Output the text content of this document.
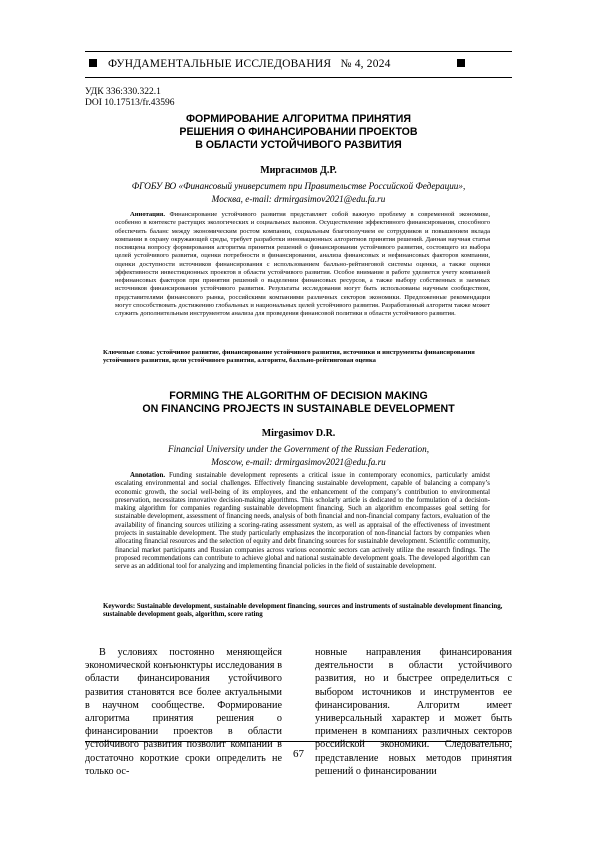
ФУНДАМЕНТАЛЬНЫЕ ИССЛЕДОВАНИЯ № 4, 2024
УДК 336:330.322.1
DOI 10.17513/fr.43596
ФОРМИРОВАНИЕ АЛГОРИТМА ПРИНЯТИЯ
РЕШЕНИЯ О ФИНАНСИРОВАНИИ ПРОЕКТОВ
В ОБЛАСТИ УСТОЙЧИВОГО РАЗВИТИЯ
Миргасимов Д.Р.
ФГОБУ ВО «Финансовый университет при Правительстве Российской Федерации»,
Москва, e-mail: drmirgasimov2021@edu.fa.ru
Аннотация. Финансирование устойчивого развития представляет собой важную проблему в современной экономике, особенно в контексте растущих экологических и социальных вызовов. Осуществление эффективного финансирования, способного обеспечить баланс между экономическим ростом компании, социальным благополучием ее сотрудников и повышением вклада компании в охрану окружающей среды, требует разработки инновационных алгоритмов принятия решений. Данная научная статья посвящена вопросу формирования алгоритма принятия решений о финансировании устойчивого развития, состоящего из выбора целей устойчивого развития, оценки потребности в финансировании, анализа финансовых и нефинансовых факторов компании, оценки доступности источников финансирования с использованием балльно-рейтинговой системы оценки, а также оценки эффективности инвестиционных проектов в области устойчивого развития. Особое внимание в работе уделяется учету компанией нефинансовых факторов при принятии решений о выделении финансовых ресурсов, а также выбору собственных и заемных источников финансирования устойчивого развития. Результаты исследования могут быть использованы научным сообществом, представителями финансового рынка, российскими компаниями различных секторов экономики. Предложенные рекомендации могут способствовать достижению глобальных и национальных целей устойчивого развития. Разработанный алгоритм также может служить дополнительным инструментом анализа для проведения финансовой политики в области устойчивого развития.
Ключевые слова: устойчивое развитие, финансирование устойчивого развития, источники и инструменты финансирования устойчивого развития, цели устойчивого развития, алгоритм, балльно-рейтинговая оценка
FORMING THE ALGORITHM OF DECISION MAKING
ON FINANCING PROJECTS IN SUSTAINABLE DEVELOPMENT
Mirgasimov D.R.
Financial University under the Government of the Russian Federation,
Moscow, e-mail: drmirgasimov2021@edu.fa.ru
Annotation. Funding sustainable development represents a critical issue in contemporary economics, particularly amidst escalating environmental and social challenges. Effectively financing sustainable development, capable of balancing a company’s economic growth, the social well-being of its employees, and the enhancement of the company’s contribution to environmental preservation, necessitates innovative decision-making algorithms. This scholarly article is dedicated to the formulation of a decision-making algorithm for companies regarding sustainable development financing. Such an algorithm encompasses goal setting for sustainable development, assessment of financing needs, analysis of both financial and non-financial company factors, evaluation of the availability of financing sources utilizing a scoring-rating assessment system, as well as appraisal of the effectiveness of investment projects in sustainable development. The study particularly emphasizes the incorporation of non-financial factors by companies when allocating financial resources and the selection of equity and debt financing sources for sustainable development. Scientific community, financial market participants and Russian companies across various economic sectors can actively utilize the research findings. The proposed recommendations can contribute to achieve global and national sustainable development goals. The developed algorithm can serve as an additional tool for analyzing and implementing financial policies in the field of sustainable development.
Keywords: Sustainable development, sustainable development financing, sources and instruments of sustainable development financing, sustainable development goals, algorithm, score rating
В условиях постоянно меняющейся экономической конъюнктуры исследования в области финансирования устойчивого развития становятся все более актуальными в научном сообществе. Формирование алгоритма принятия решения о финансировании проектов в области устойчивого развития позволит компании в достаточно короткие сроки определить не только ос-
новные направления финансирования деятельности в области устойчивого развития, но и быстрее определиться с выбором источников и инструментов ее финансирования. Алгоритм имеет универсальный характер и может быть применен в компаниях различных секторов российской экономики. Следовательно, представление новых методов принятия решений о финансировании
67
